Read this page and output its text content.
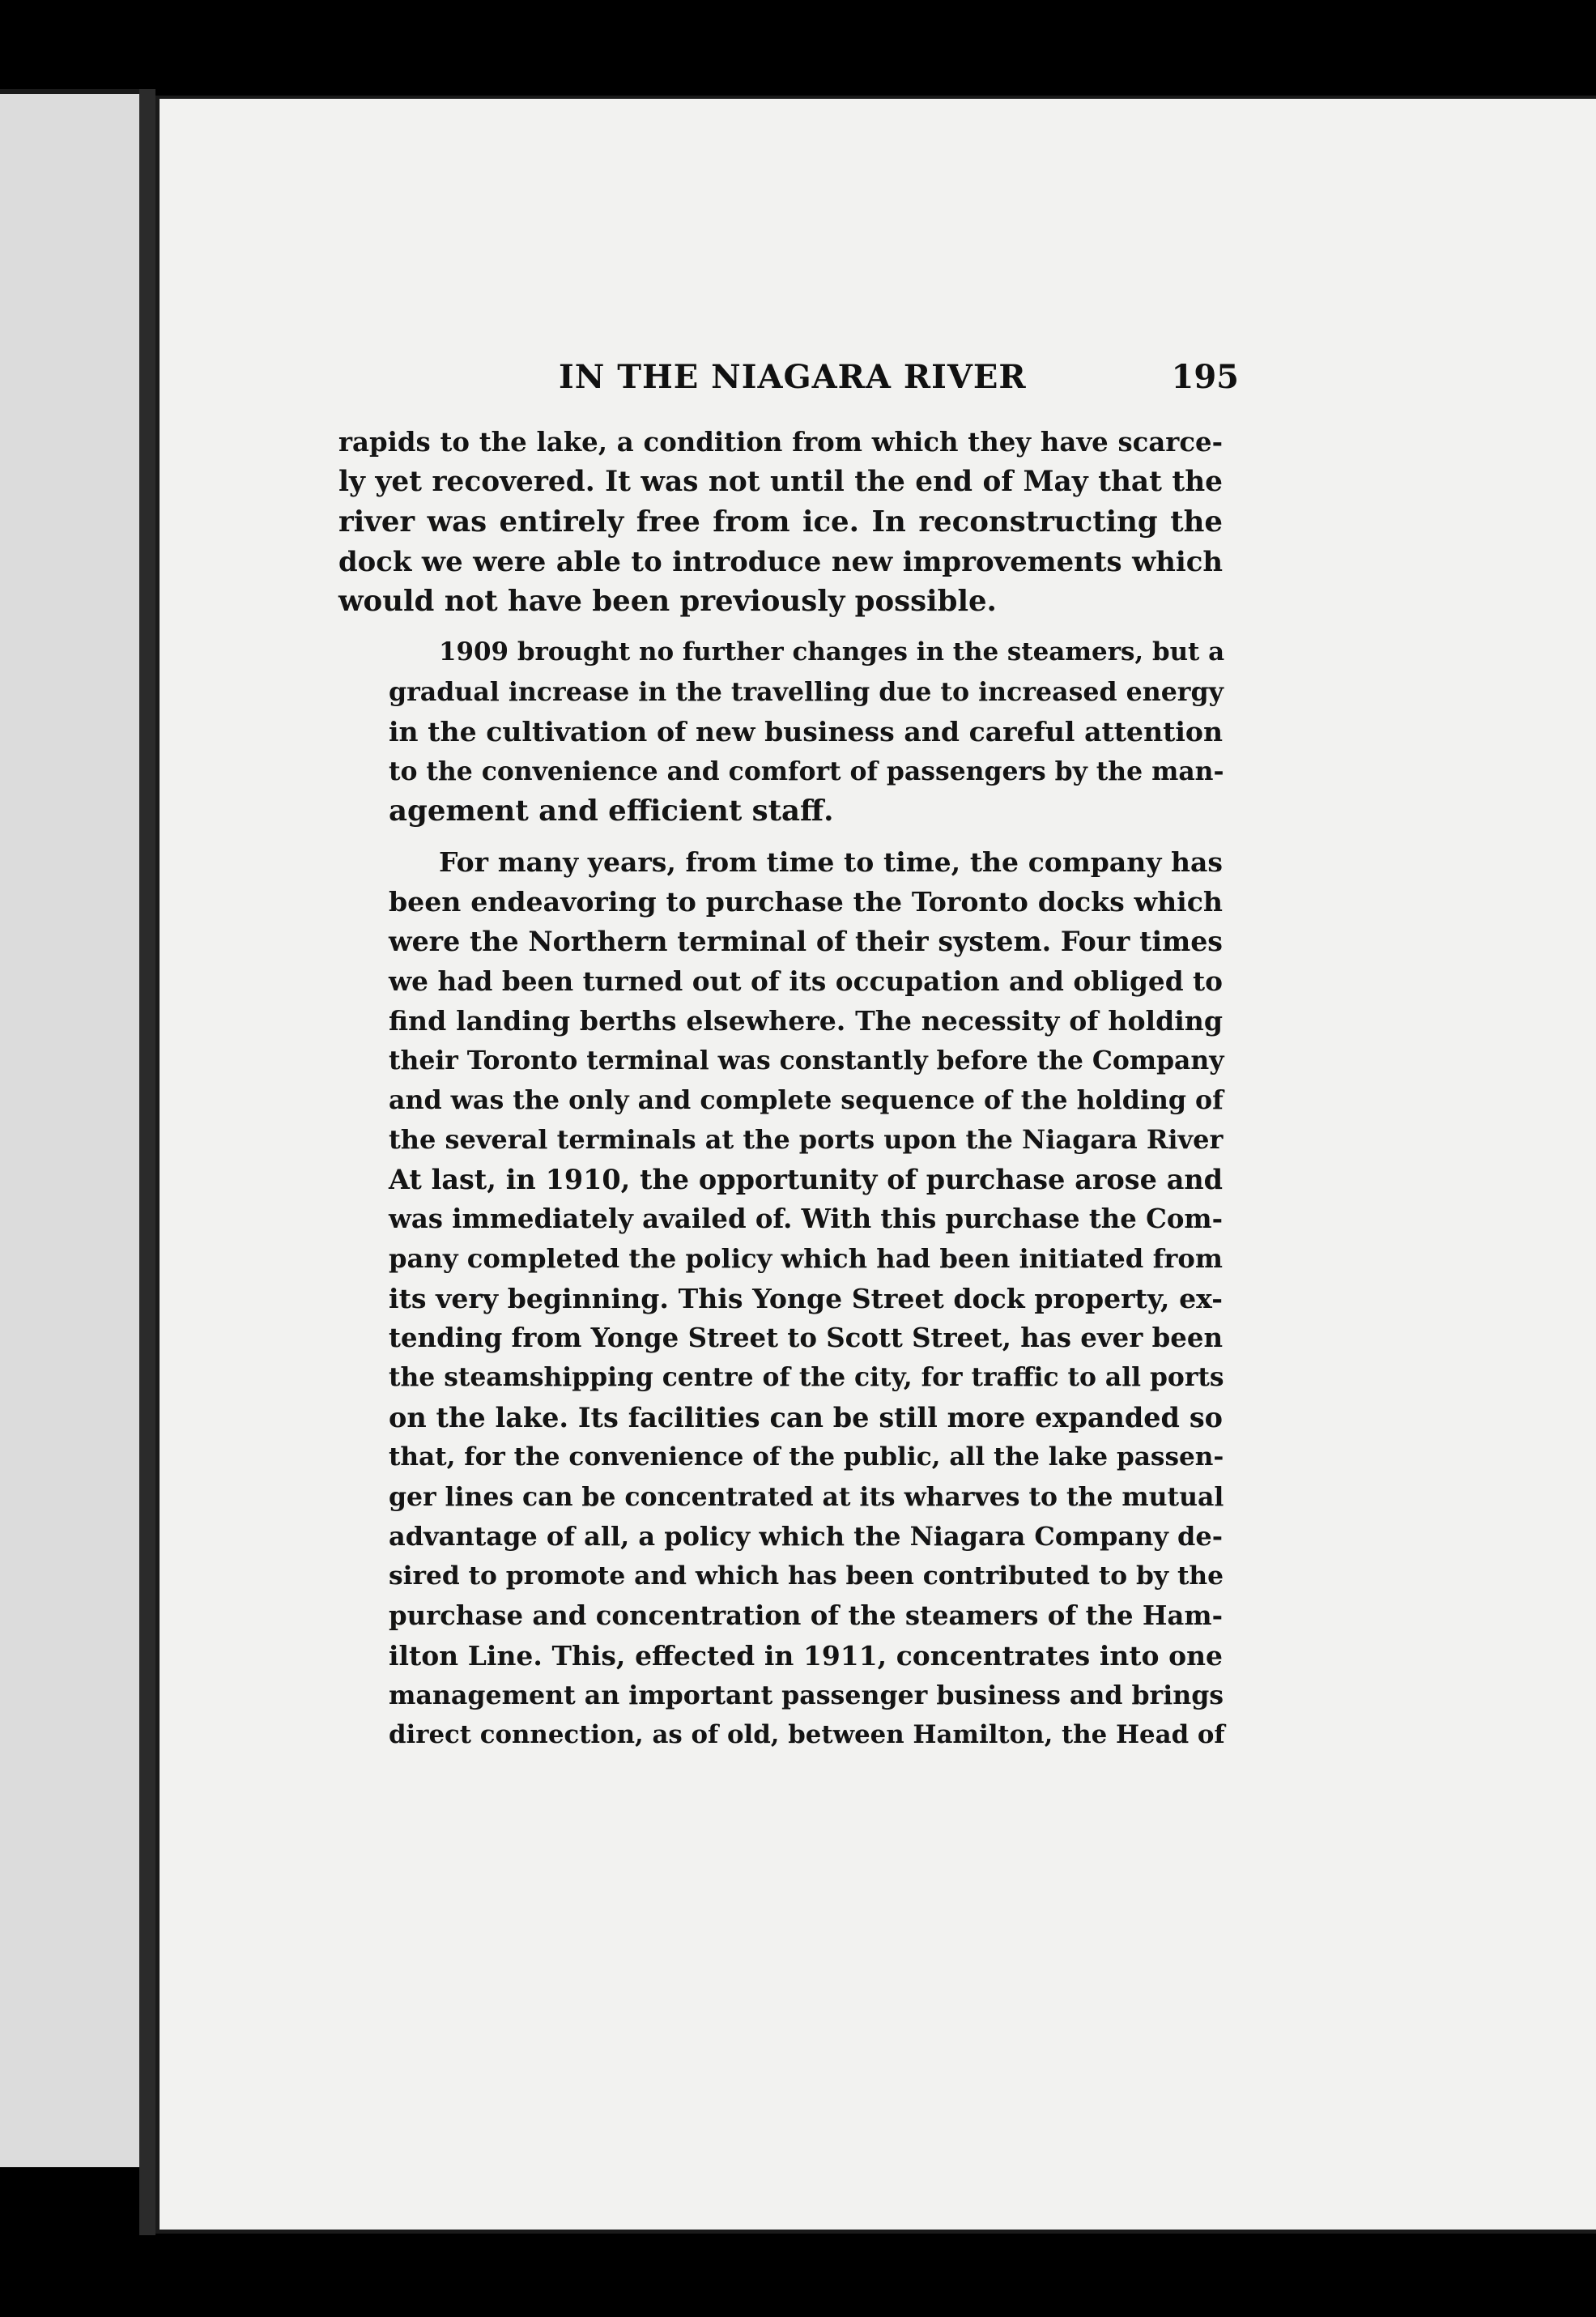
IN THE NIAGARA RIVER	195

rapids to the lake, a condition from which they have scarce-
ly yet recovered. It was not until the end of May that the
river was entirely free from ice. In reconstructing the
dock we were able to introduce new improvements which
would not have been previously possible.

1909 brought no further changes in the steamers, but a
gradual increase in the travelling due to increased energy
in the cultivation of new business and careful attention
to the convenience and comfort of passengers by the man-
agement and efficient staff.

For many years, from time to time, the company has
been endeavoring to purchase the Toronto docks which
were the Northern terminal of their system. Four times
we had been turned out of its occupation and obliged to
find landing berths elsewhere. The necessity of holding
their Toronto terminal was constantly before the Company
and was the only and complete sequence of the holding of
the several terminals at the ports upon the Niagara River
At last, in 1910, the opportunity of purchase arose and
was immediately availed of. With this purchase the Com-
pany completed the policy which had been initiated from
its very beginning. This Yonge Street dock property, ex-
tending from Yonge Street to Scott Street, has ever been
the steamshipping centre of the city, for traffic to all ports
on the lake. Its facilities can be still more expanded so
that, for the convenience of the public, all the lake passen-
ger lines can be concentrated at its wharves to the mutual
advantage of all, a policy which the Niagara Company de-
sired to promote and which has been contributed to by the
purchase and concentration of the steamers of the Ham-
ilton Line. This, effected in 1911, concentrates into one
management an important passenger business and brings
direct connection, as of old, between Hamilton, the Head of
